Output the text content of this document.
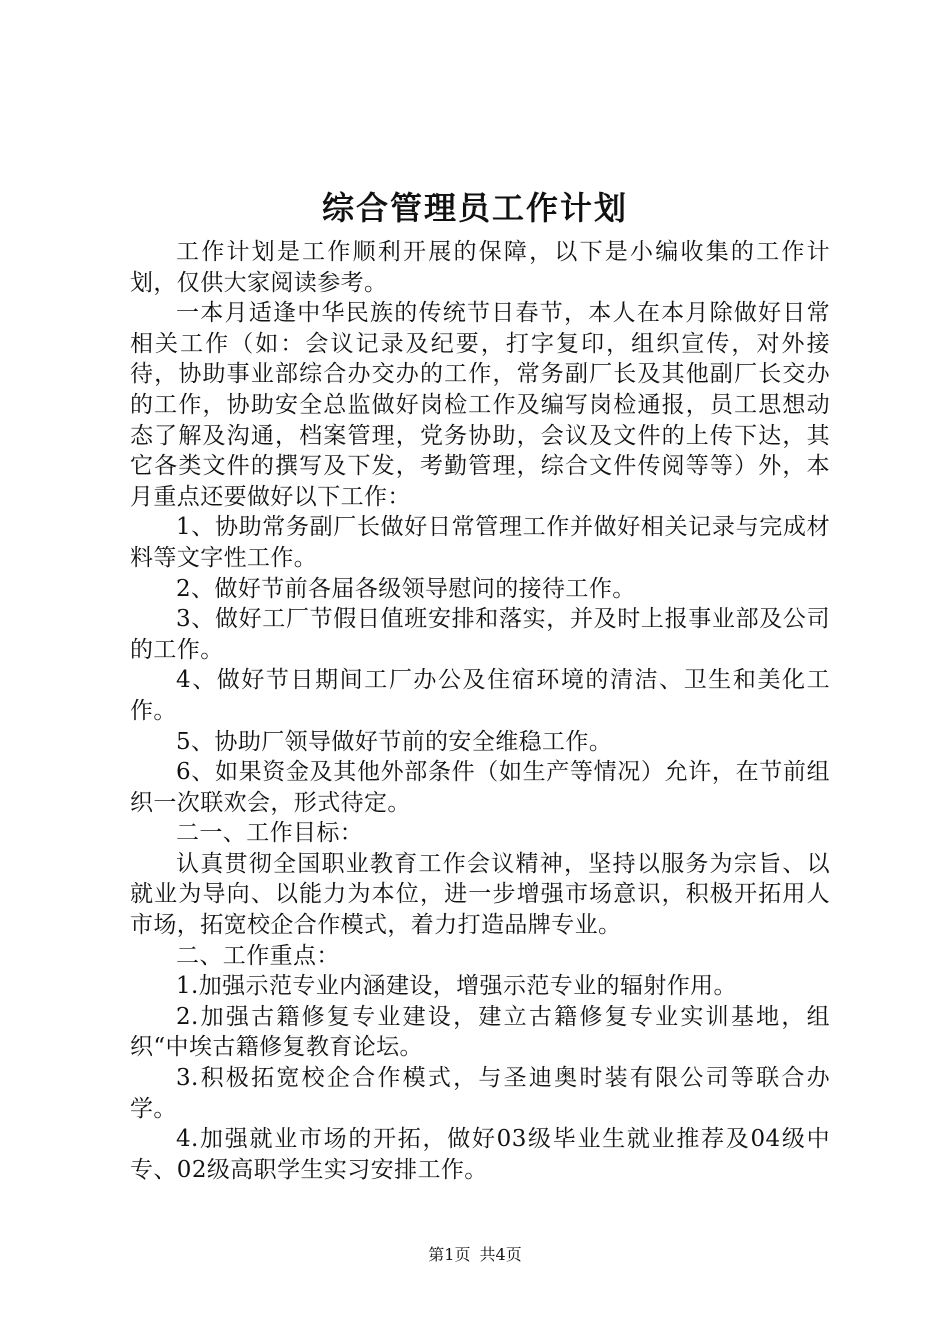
综合管理员工作计划

工作计划是工作顺利开展的保障，以下是小编收集的工作计划，仅供大家阅读参考。

一本月适逢中华民族的传统节日春节，本人在本月除做好日常相关工作（如：会议记录及纪要，打字复印，组织宣传，对外接待，协助事业部综合办交办的工作，常务副厂长及其他副厂长交办的工作，协助安全总监做好岗检工作及编写岗检通报，员工思想动态了解及沟通，档案管理，党务协助，会议及文件的上传下达，其它各类文件的撰写及下发，考勤管理，综合文件传阅等等）外，本月重点还要做好以下工作：

1、协助常务副厂长做好日常管理工作并做好相关记录与完成材料等文字性工作。

2、做好节前各届各级领导慰问的接待工作。

3、做好工厂节假日值班安排和落实，并及时上报事业部及公司的工作。

4、做好节日期间工厂办公及住宿环境的清洁、卫生和美化工作。

5、协助厂领导做好节前的安全维稳工作。

6、如果资金及其他外部条件（如生产等情况）允许，在节前组织一次联欢会，形式待定。

二一、工作目标：

认真贯彻全国职业教育工作会议精神，坚持以服务为宗旨、以就业为导向、以能力为本位，进一步增强市场意识，积极开拓用人市场，拓宽校企合作模式，着力打造品牌专业。

二、工作重点：

1.加强示范专业内涵建设，增强示范专业的辐射作用。

2.加强古籍修复专业建设，建立古籍修复专业实训基地，组织“中埃古籍修复教育论坛。

3.积极拓宽校企合作模式，与圣迪奥时装有限公司等联合办学。

4.加强就业市场的开拓，做好03级毕业生就业推荐及04级中专、02级高职学生实习安排工作。

第1页 共4页
